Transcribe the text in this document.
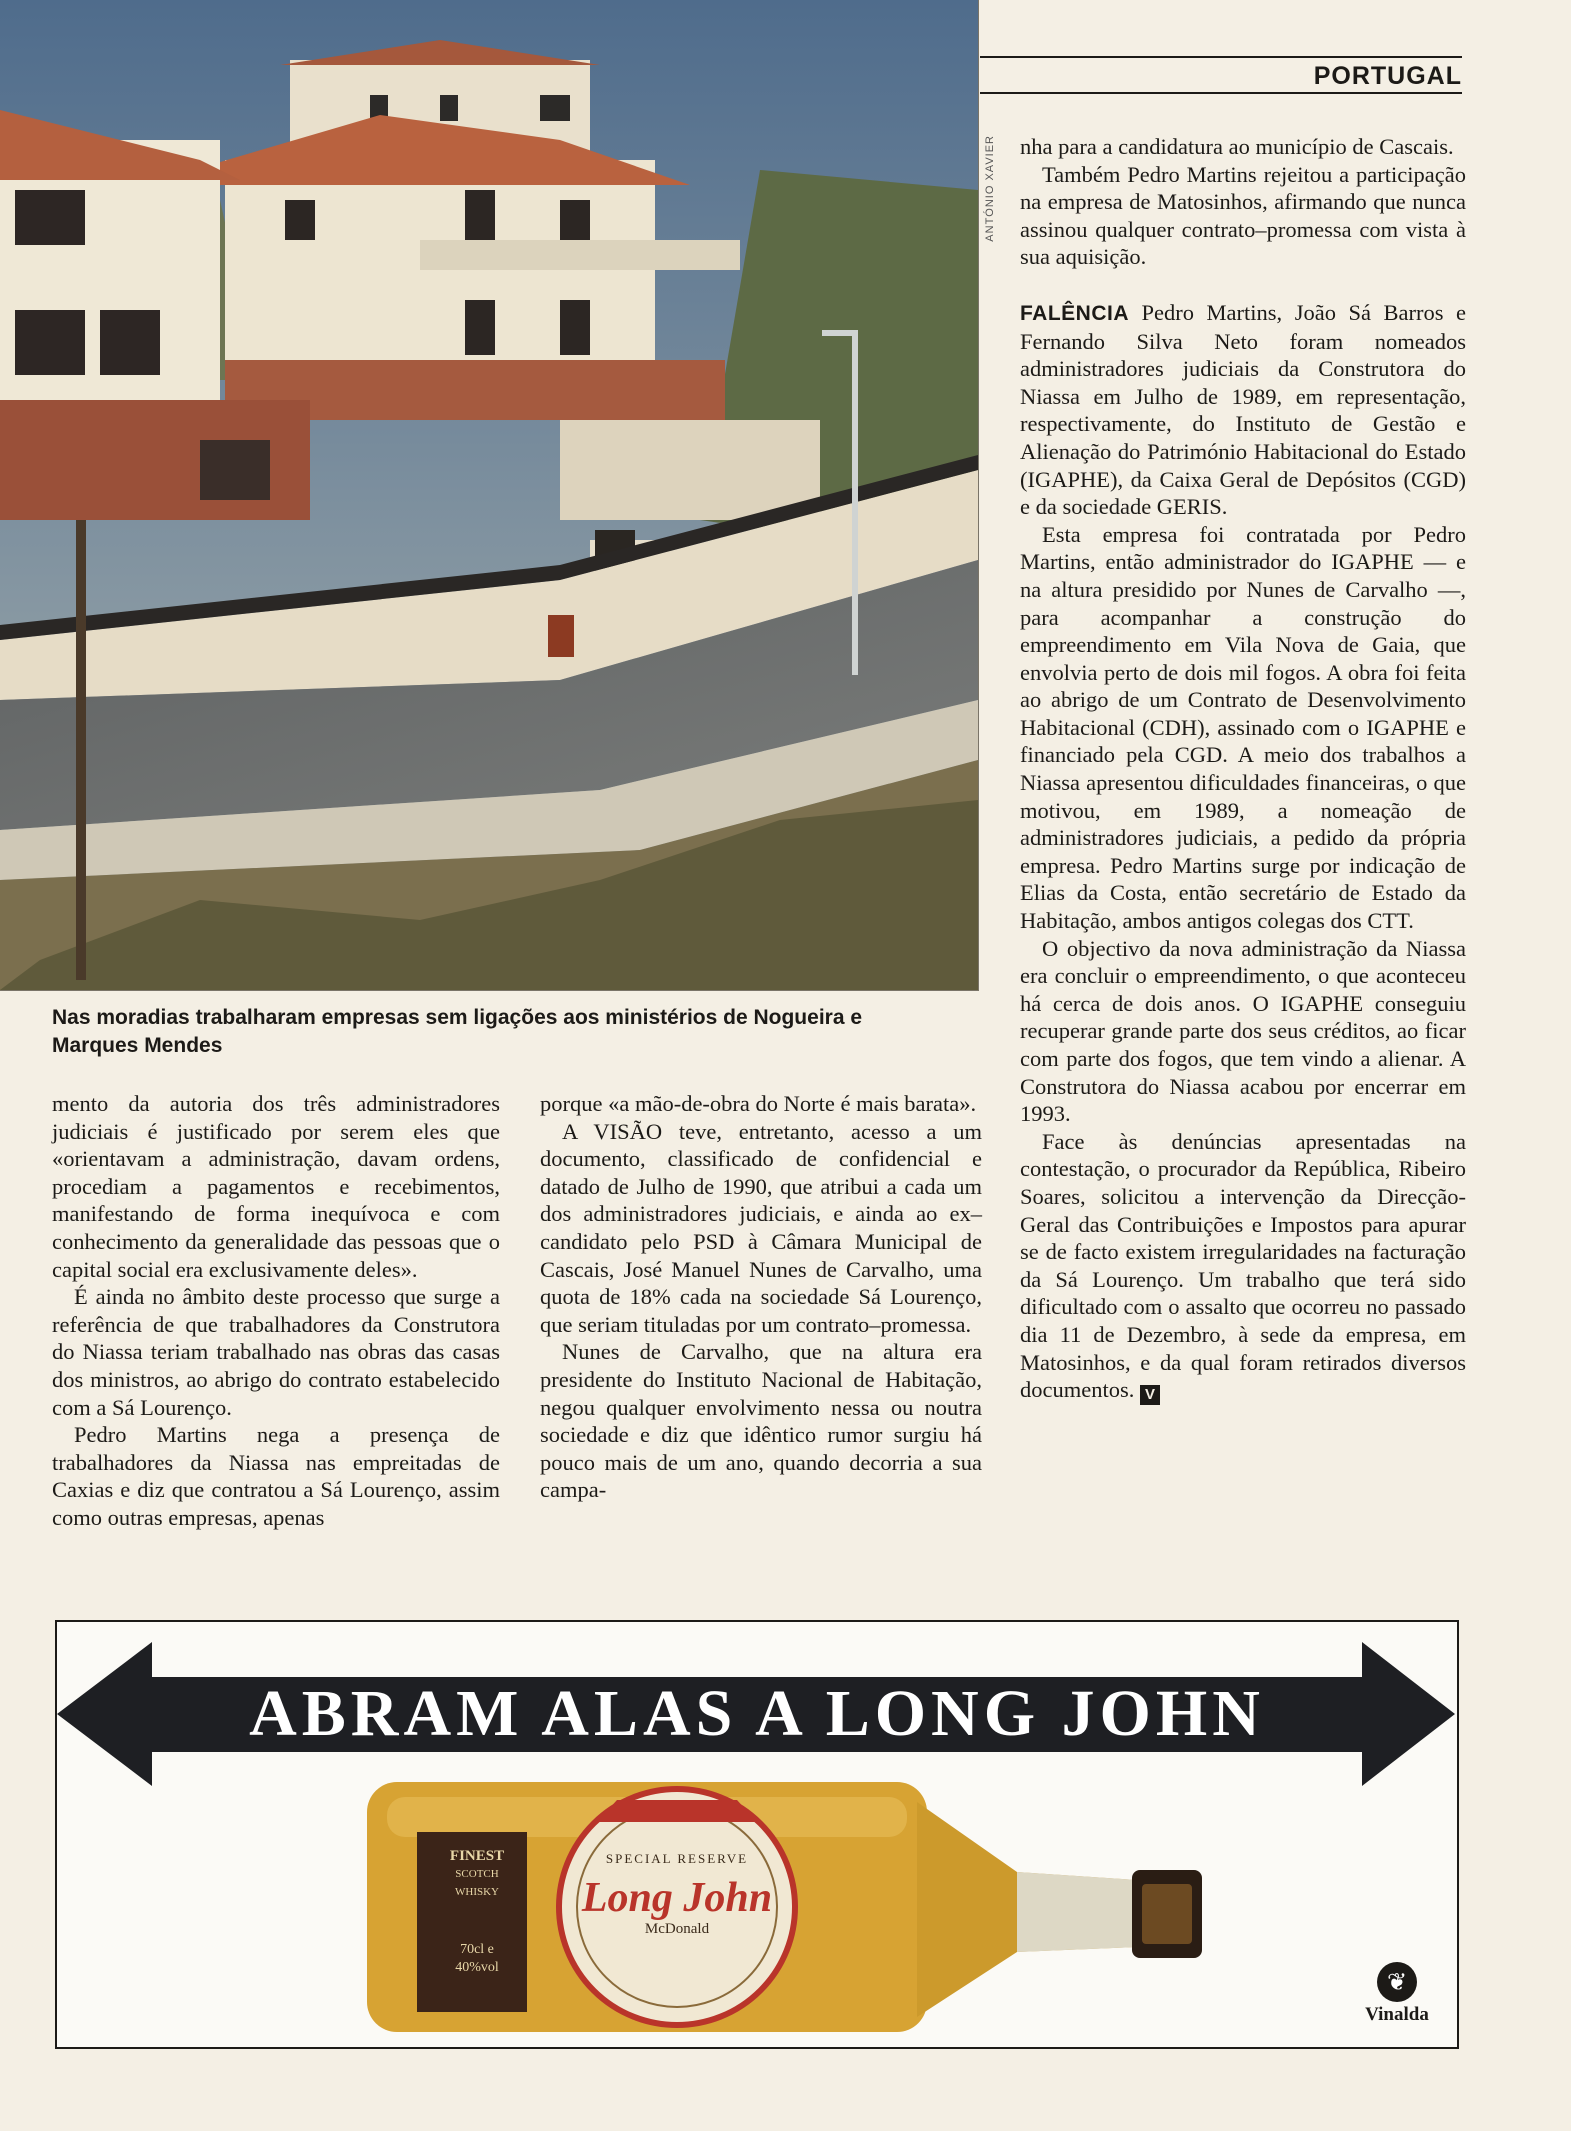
ANTÓNIO XAVIER
PORTUGAL

Nas moradias trabalharam empresas sem ligações aos ministérios de Nogueira e Marques Mendes

mento da autoria dos três administradores judiciais é justificado por serem eles que «orientavam a administração, davam ordens, procediam a pagamentos e recebimentos, manifestando de forma inequívoca e com conhecimento da generalidade das pessoas que o capital social era exclusivamente deles».

É ainda no âmbito deste processo que surge a referência de que trabalhadores da Construtora do Niassa teriam trabalhado nas obras das casas dos ministros, ao abrigo do contrato estabelecido com a Sá Lourenço.

Pedro Martins nega a presença de trabalhadores da Niassa nas empreitadas de Caxias e diz que contratou a Sá Lourenço, assim como outras empresas, apenas

porque «a mão-de-obra do Norte é mais barata».

A VISÃO teve, entretanto, acesso a um documento, classificado de confidencial e datado de Julho de 1990, que atribui a cada um dos administradores judiciais, e ainda ao ex–candidato pelo PSD à Câmara Municipal de Cascais, José Manuel Nunes de Carvalho, uma quota de 18% cada na sociedade Sá Lourenço, que seriam tituladas por um contrato–promessa.

Nunes de Carvalho, que na altura era presidente do Instituto Nacional de Habitação, negou qualquer envolvimento nessa ou noutra sociedade e diz que idêntico rumor surgiu há pouco mais de um ano, quando decorria a sua campa-

nha para a candidatura ao município de Cascais.

Também Pedro Martins rejeitou a participação na empresa de Matosinhos, afirmando que nunca assinou qualquer contrato–promessa com vista à sua aquisição.

FALÊNCIA Pedro Martins, João Sá Barros e Fernando Silva Neto foram nomeados administradores judiciais da Construtora do Niassa em Julho de 1989, em representação, respectivamente, do Instituto de Gestão e Alienação do Património Habitacional do Estado (IGAPHE), da Caixa Geral de Depósitos (CGD) e da sociedade GERIS.

Esta empresa foi contratada por Pedro Martins, então administrador do IGAPHE — e na altura presidido por Nunes de Carvalho —, para acompanhar a construção do empreendimento em Vila Nova de Gaia, que envolvia perto de dois mil fogos. A obra foi feita ao abrigo de um Contrato de Desenvolvimento Habitacional (CDH), assinado com o IGAPHE e financiado pela CGD. A meio dos trabalhos a Niassa apresentou dificuldades financeiras, o que motivou, em 1989, a nomeação de administradores judiciais, a pedido da própria empresa. Pedro Martins surge por indicação de Elias da Costa, então secretário de Estado da Habitação, ambos antigos colegas dos CTT.

O objectivo da nova administração da Niassa era concluir o empreendimento, o que aconteceu há cerca de dois anos. O IGAPHE conseguiu recuperar grande parte dos seus créditos, ao ficar com parte dos fogos, que tem vindo a alienar. A Construtora do Niassa acabou por encerrar em 1993.

Face às denúncias apresentadas na contestação, o procurador da República, Ribeiro Soares, solicitou a intervenção da Direcção-Geral das Contribuições e Impostos para apurar se de facto existem irregularidades na facturação da Sá Lourenço. Um trabalho que terá sido dificultado com o assalto que ocorreu no passado dia 11 de Dezembro, à sede da empresa, em Matosinhos, e da qual foram retirados diversos documentos. V

ABRAM ALAS A LONG JOHN
FINEST
SCOTCH WHISKY
70cl e
40%vol
SPECIAL RESERVE
Long John
McDonald
❦
Vinalda
